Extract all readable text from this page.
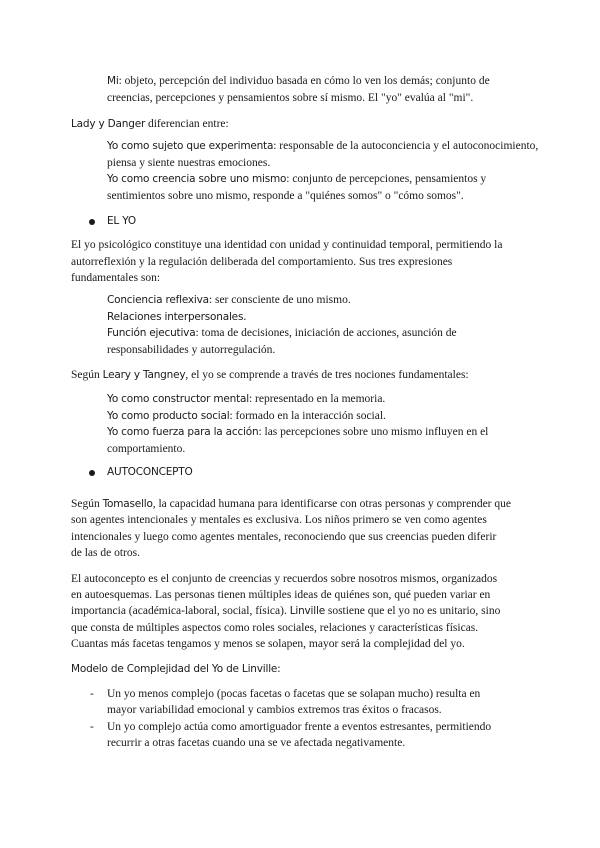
Mi: objeto, percepción del individuo basada en cómo lo ven los demás; conjunto de
creencias, percepciones y pensamientos sobre sí mismo. El "yo" evalúa al "mi".
Lady y Danger diferencian entre:
Yo como sujeto que experimenta: responsable de la autoconciencia y el autoconocimiento,
piensa y siente nuestras emociones.
Yo como creencia sobre uno mismo: conjunto de percepciones, pensamientos y
sentimientos sobre uno mismo, responde a "quiénes somos" o "cómo somos".
EL YO
El yo psicológico constituye una identidad con unidad y continuidad temporal, permitiendo la
autorreflexión y la regulación deliberada del comportamiento. Sus tres expresiones
fundamentales son:
Conciencia reflexiva: ser consciente de uno mismo.
Relaciones interpersonales.
Función ejecutiva: toma de decisiones, iniciación de acciones, asunción de
responsabilidades y autorregulación.
Según Leary y Tangney, el yo se comprende a través de tres nociones fundamentales:
Yo como constructor mental: representado en la memoria.
Yo como producto social: formado en la interacción social.
Yo como fuerza para la acción: las percepciones sobre uno mismo influyen en el
comportamiento.
AUTOCONCEPTO
Según Tomasello, la capacidad humana para identificarse con otras personas y comprender que
son agentes intencionales y mentales es exclusiva. Los niños primero se ven como agentes
intencionales y luego como agentes mentales, reconociendo que sus creencias pueden diferir
de las de otros.
El autoconcepto es el conjunto de creencias y recuerdos sobre nosotros mismos, organizados
en autoesquemas. Las personas tienen múltiples ideas de quiénes son, qué pueden variar en
importancia (académica-laboral, social, física). Linville sostiene que el yo no es unitario, sino
que consta de múltiples aspectos como roles sociales, relaciones y características físicas.
Cuantas más facetas tengamos y menos se solapen, mayor será la complejidad del yo.
Modelo de Complejidad del Yo de Linville:
- Un yo menos complejo (pocas facetas o facetas que se solapan mucho) resulta en
mayor variabilidad emocional y cambios extremos tras éxitos o fracasos.
- Un yo complejo actúa como amortiguador frente a eventos estresantes, permitiendo
recurrir a otras facetas cuando una se ve afectada negativamente.
